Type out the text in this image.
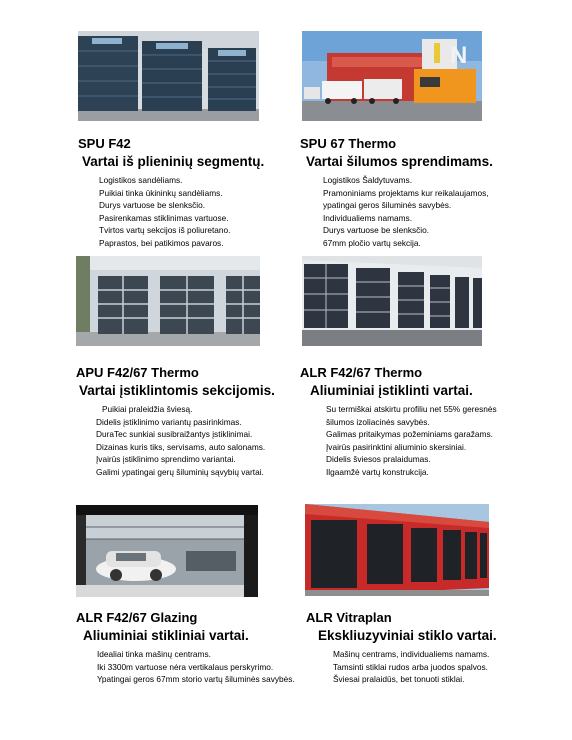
N
SPU F42
Vartai iš plieninių segmentų.
Logistikos sandėliams.
Puikiai tinka ūkininkų sandėliams.
Durys vartuose be slenksčio.
Pasirenkamas stiklinimas vartuose.
Tvirtos vartų sekcijos iš poliuretano.
Paprastos, bei patikimos pavaros.
SPU 67 Thermo
Vartai šilumos sprendimams.
Logistikos Šaldytuvams.
Pramoniniams projektams kur reikalaujamos,
ypatingai geros šiluminės savybės.
Individualiems namams.
Durys vartuose be slenksčio.
67mm pločio vartų sekcija.
APU F42/67 Thermo
Vartai įstiklintomis sekcijomis.
Puikiai praleidžia šviesą.
Didelis įstiklinimo variantų pasirinkimas.
DuraTec sunkiai susibraižantys įstiklinimai.
Dizainas kuris tiks, servisams, auto salonams.
Įvairūs įstiklinimo sprendimo variantai.
Galimi ypatingai gerų šiluminių sąvybių vartai.
ALR F42/67 Thermo
Aliuminiai įstiklinti vartai.
Su termiškai atskirtu profiliu net 55% geresnės
šilumos izoliacinės savybės.
Galimas pritaikymas požeminiams garažams.
Įvairūs pasirinktini aliuminio skersiniai.
Didelis šviesos pralaidumas.
Ilgaamžė vartų konstrukcija.
ALR F42/67 Glazing
Aliuminiai stikliniai vartai.
Idealiai tinka mašinų centrams.
Iki 3300m vartuose nėra vertikalaus perskyrimo.
Ypatingai geros 67mm storio vartų šiluminės savybės.
ALR Vitraplan
Ekskliuzyviniai stiklo vartai.
Mašinų centrams, individualiems namams.
Tamsinti stiklai rudos arba juodos spalvos.
Šviesai pralaidūs, bet tonuoti stiklai.
